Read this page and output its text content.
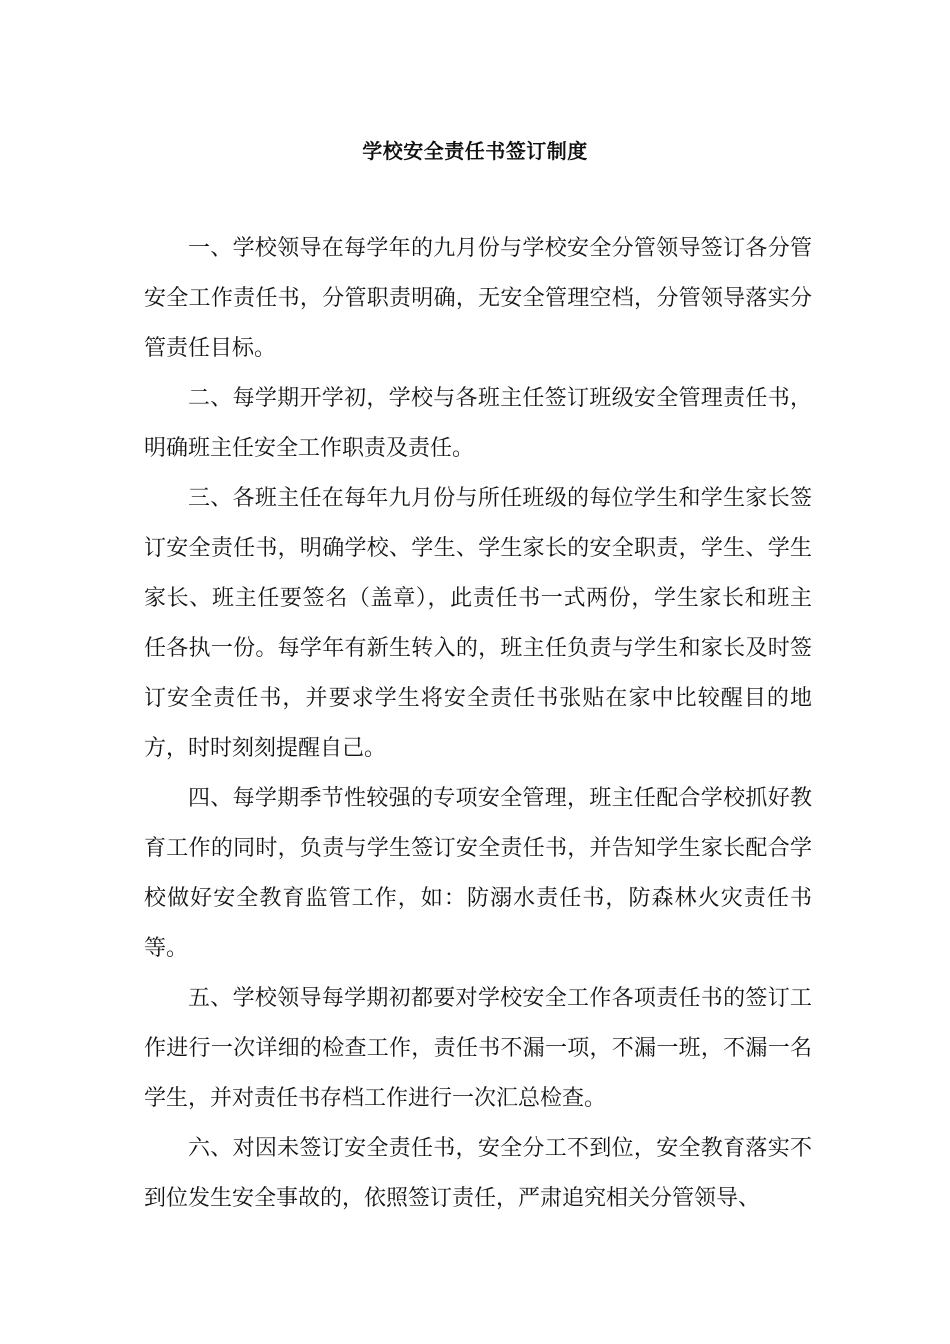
学校安全责任书签订制度

一、学校领导在每学年的九月份与学校安全分管领导签订各分管安全工作责任书，分管职责明确，无安全管理空档，分管领导落实分管责任目标。

二、每学期开学初，学校与各班主任签订班级安全管理责任书，明确班主任安全工作职责及责任。

三、各班主任在每年九月份与所任班级的每位学生和学生家长签订安全责任书，明确学校、学生、学生家长的安全职责，学生、学生家长、班主任要签名（盖章），此责任书一式两份，学生家长和班主任各执一份。每学年有新生转入的，班主任负责与学生和家长及时签订安全责任书，并要求学生将安全责任书张贴在家中比较醒目的地方，时时刻刻提醒自己。

四、每学期季节性较强的专项安全管理，班主任配合学校抓好教育工作的同时，负责与学生签订安全责任书，并告知学生家长配合学校做好安全教育监管工作，如：防溺水责任书，防森林火灾责任书等。

五、学校领导每学期初都要对学校安全工作各项责任书的签订工作进行一次详细的检查工作，责任书不漏一项，不漏一班，不漏一名学生，并对责任书存档工作进行一次汇总检查。

六、对因未签订安全责任书，安全分工不到位，安全教育落实不到位发生安全事故的，依照签订责任，严肃追究相关分管领导、
